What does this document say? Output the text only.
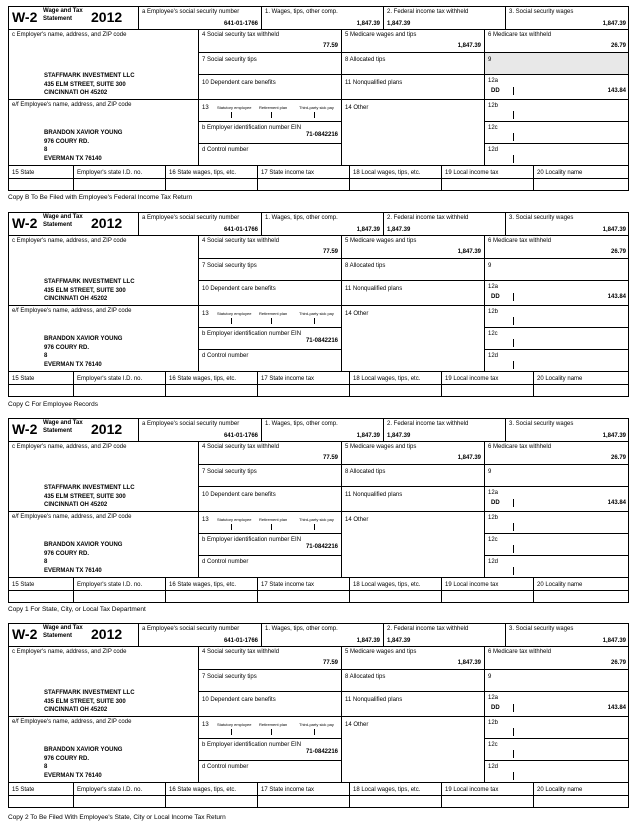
W-2 Wage and Tax
Statement	2012	a Employee's social security number
641-01-1766
1. Wages, tips, other comp.
1,847.39
2. Federal income tax withheld
1,847.39
3. Social security wages
1,847.39
c Employer's name, address, and ZIP code
STAFFMARK INVESTMENT LLC
435 ELM STREET, SUITE 300
CINCINNATI OH 45202
e/f Employee's name, address, and ZIP code
BRANDON XAVIOR YOUNG
976 COURY RD.
8
EVERMAN TX 76140
4 Social security tax withheld
77.59
7 Social security tips
10 Dependent care benefits
13 Statutory employee Retirement plan	Third-party sick pay
b Employer identification number EIN
71-0842216
d Control number
5 Medicare wages and tips
1,847.39
8 Allocated tips
11 Nonqualified plans
14 Other
6 Medicare tax withheld
26.79
9
12a
DD	143.84
12b
12c
12d
15 State	Employer's state I.D. no.	16 State wages, tips, etc.	17 State income tax	18 Local wages, tips, etc.	19 Local income tax	20 Locality name
Copy B To Be Filed with Employee's Federal Income Tax Return
W-2 Wage and Tax
Statement	2012	a Employee's social security number
641-01-1766
1. Wages, tips, other comp.
1,847.39
2. Federal income tax withheld
1,847.39
3. Social security wages
1,847.39
c Employer's name, address, and ZIP code
STAFFMARK INVESTMENT LLC
435 ELM STREET, SUITE 300
CINCINNATI OH 45202
e/f Employee's name, address, and ZIP code
BRANDON XAVIOR YOUNG
976 COURY RD.
8
EVERMAN TX 76140
4 Social security tax withheld
77.59
7 Social security tips
10 Dependent care benefits
13 Statutory employee Retirement plan	Third-party sick pay
b Employer identification number EIN
71-0842216
d Control number
5 Medicare wages and tips
1,847.39
8 Allocated tips
11 Nonqualified plans
14 Other
6 Medicare tax withheld
26.79
9
12a
DD	143.84
12b
12c
12d
15 State	Employer's state I.D. no.	16 State wages, tips, etc.	17 State income tax	18 Local wages, tips, etc.	19 Local income tax	20 Locality name
Copy C For Employee Records
W-2 Wage and Tax
Statement	2012	a Employee's social security number
641-01-1766
1. Wages, tips, other comp.
1,847.39
2. Federal income tax withheld
1,847.39
3. Social security wages
1,847.39
c Employer's name, address, and ZIP code
STAFFMARK INVESTMENT LLC
435 ELM STREET, SUITE 300
CINCINNATI OH 45202
e/f Employee's name, address, and ZIP code
BRANDON XAVIOR YOUNG
976 COURY RD.
8
EVERMAN TX 76140
4 Social security tax withheld
77.59
7 Social security tips
10 Dependent care benefits
13 Statutory employee Retirement plan	Third-party sick pay
b Employer identification number EIN
71-0842216
d Control number
5 Medicare wages and tips
1,847.39
8 Allocated tips
11 Nonqualified plans
14 Other
6 Medicare tax withheld
26.79
9
12a
DD	143.84
12b
12c
12d
15 State	Employer's state I.D. no.	16 State wages, tips, etc.	17 State income tax	18 Local wages, tips, etc.	19 Local income tax	20 Locality name
Copy 1 For State, City, or Local Tax Department
W-2 Wage and Tax
Statement	2012	a Employee's social security number
641-01-1766
1. Wages, tips, other comp.
1,847.39
2. Federal income tax withheld
1,847.39
3. Social security wages
1,847.39
c Employer's name, address, and ZIP code
STAFFMARK INVESTMENT LLC
435 ELM STREET, SUITE 300
CINCINNATI OH 45202
e/f Employee's name, address, and ZIP code
BRANDON XAVIOR YOUNG
976 COURY RD.
8
EVERMAN TX 76140
4 Social security tax withheld
77.59
7 Social security tips
10 Dependent care benefits
13 Statutory employee Retirement plan	Third-party sick pay
b Employer identification number EIN
71-0842216
d Control number
5 Medicare wages and tips
1,847.39
8 Allocated tips
11 Nonqualified plans
14 Other
6 Medicare tax withheld
26.79
9
12a
DD	143.84
12b
12c
12d
15 State	Employer's state I.D. no.	16 State wages, tips, etc.	17 State income tax	18 Local wages, tips, etc.	19 Local income tax	20 Locality name
Copy 2 To Be Filed With Employee's State, City or Local Income Tax Return
